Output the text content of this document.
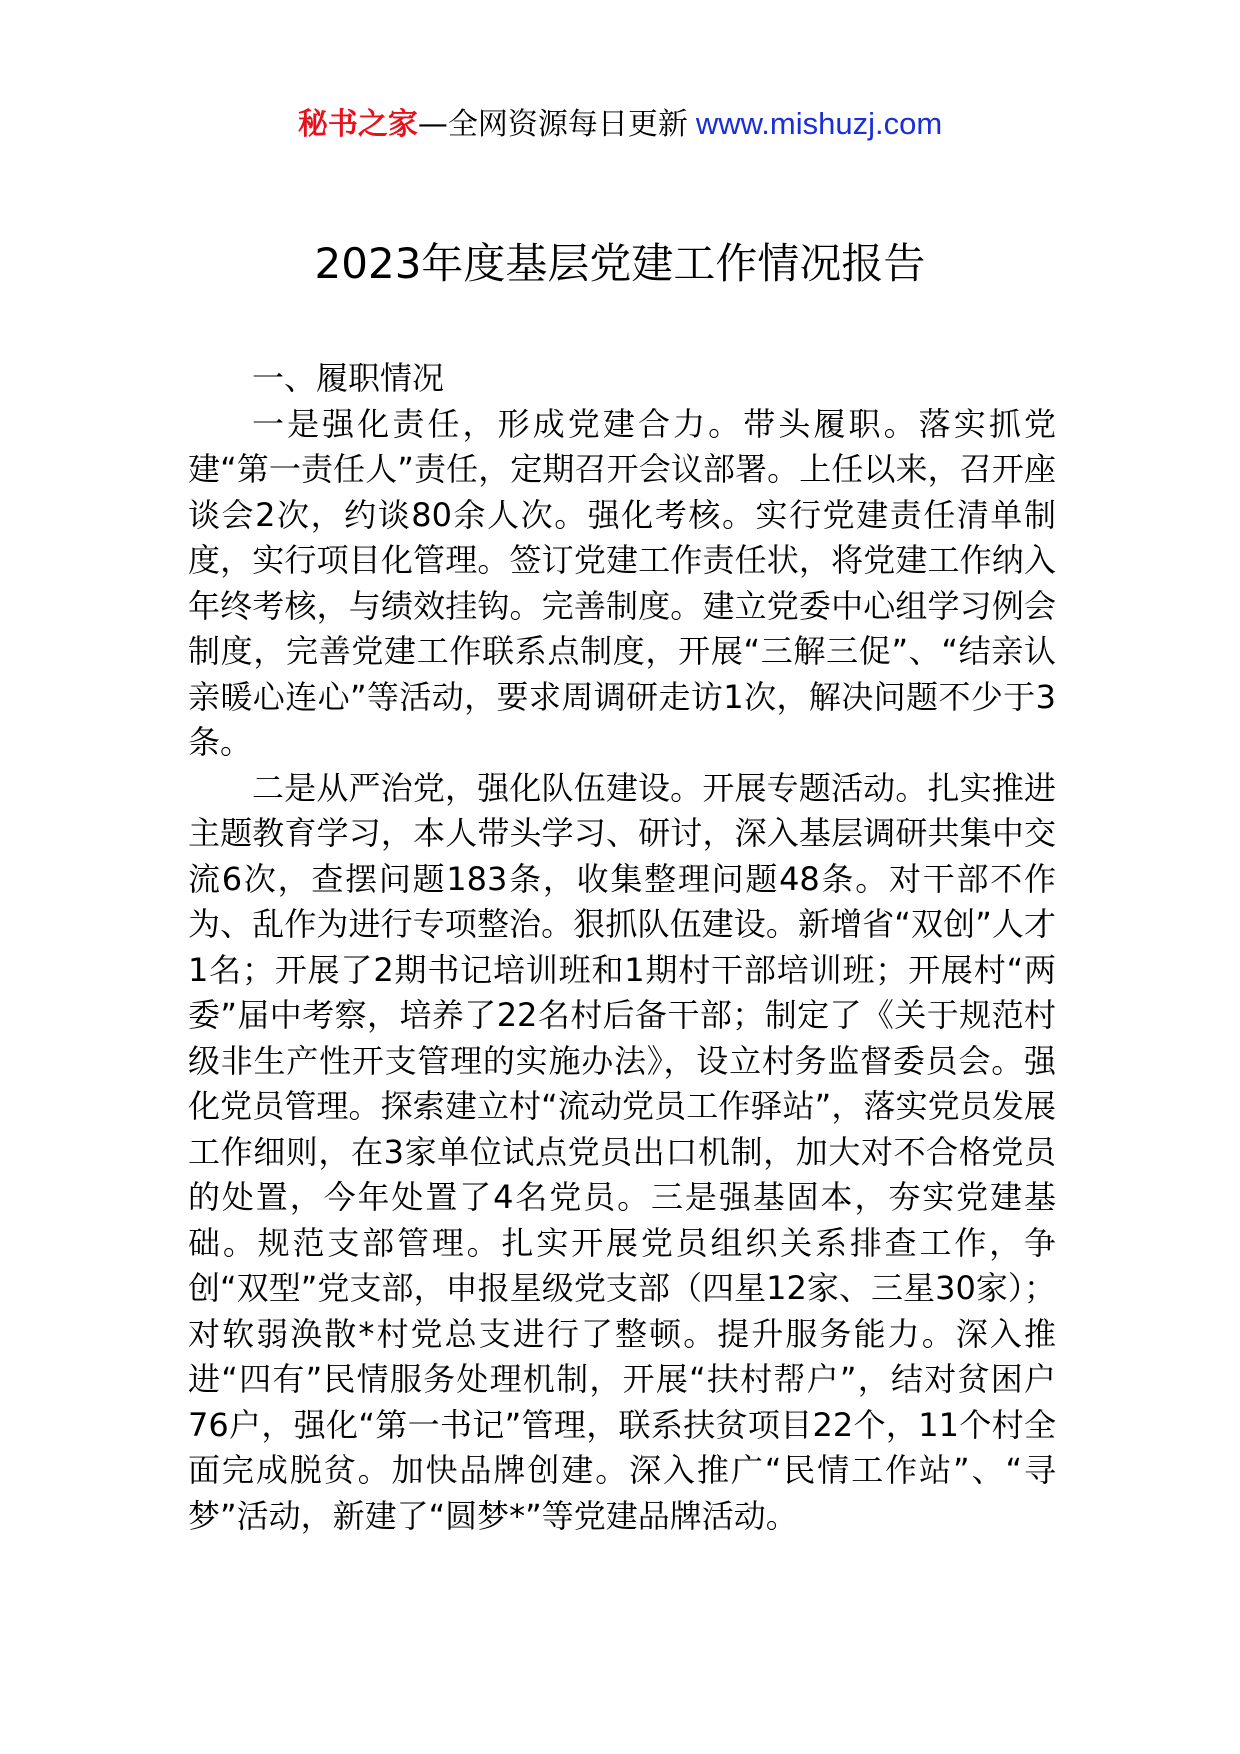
秘书之家—全网资源每日更新 www.mishuzj.com
2023年度基层党建工作情况报告
一、履职情况

一是强化责任，形成党建合力。带头履职。落实抓党建“第一责任人”责任，定期召开会议部署。上任以来，召开座谈会2次，约谈80余人次。强化考核。实行党建责任清单制度，实行项目化管理。签订党建工作责任状，将党建工作纳入年终考核，与绩效挂钩。完善制度。建立党委中心组学习例会制度，完善党建工作联系点制度，开展“三解三促”、“结亲认亲暖心连心”等活动，要求周调研走访1次，解决问题不少于3条。

二是从严治党，强化队伍建设。开展专题活动。扎实推进主题教育学习，本人带头学习、研讨，深入基层调研共集中交流6次，查摆问题183条，收集整理问题48条。对干部不作为、乱作为进行专项整治。狠抓队伍建设。新增省“双创”人才1名；开展了2期书记培训班和1期村干部培训班；开展村“两委”届中考察，培养了22名村后备干部；制定了《关于规范村级非生产性开支管理的实施办法》，设立村务监督委员会。强化党员管理。探索建立村“流动党员工作驿站”，落实党员发展工作细则，在3家单位试点党员出口机制，加大对不合格党员的处置，今年处置了4名党员。三是强基固本，夯实党建基础。规范支部管理。扎实开展党员组织关系排查工作，争创“双型”党支部，申报星级党支部（四星12家、三星30家）；对软弱涣散*村党总支进行了整顿。提升服务能力。深入推进“四有”民情服务处理机制，开展“扶村帮户”，结对贫困户76户，强化“第一书记”管理，联系扶贫项目22个，11个村全面完成脱贫。加快品牌创建。深入推广“民情工作站”、“寻梦”活动，新建了“圆梦*”等党建品牌活动。
